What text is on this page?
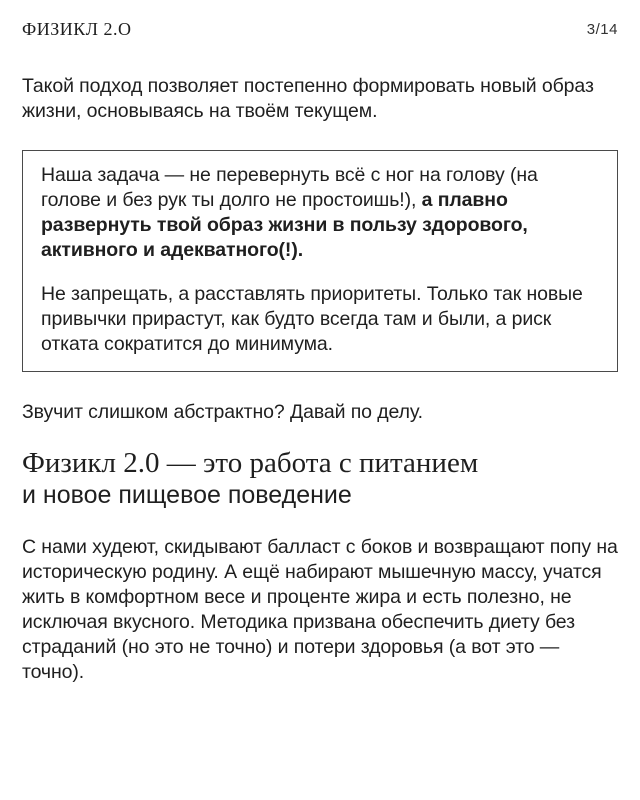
ФИЗИКЛ 2.О	3/14

Такой подход позволяет постепенно формировать новый образ жизни, основываясь на твоём текущем.

Наша задача — не перевернуть всё с ног на голову (на голове и без рук ты долго не простоишь!), а плавно развернуть твой образ жизни в пользу здорового, активного и адекватного(!).

Не запрещать, а расставлять приоритеты. Только так новые привычки прирастут, как будто всегда там и были, а риск отката сократится до минимума.

Звучит слишком абстрактно? Давай по делу.

Физикл 2.0 — это работа с питанием
и новое пищевое поведение

С нами худеют, скидывают балласт с боков и возвращают попу на историческую родину. А ещё набирают мышечную массу, учатся жить в комфортном весе и проценте жира и есть полезно, не исключая вкусного. Методика призвана обеспечить диету без страданий (но это не точно) и потери здоровья (а вот это — точно).
